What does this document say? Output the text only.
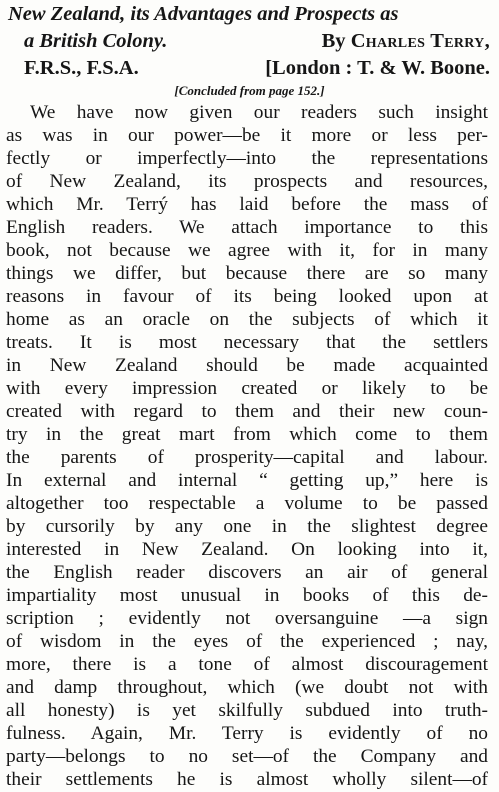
New Zealand, its Advantages and Prospects as
a British Colony.	By Charles Terry,
F.R.S., F.S.A.	[London : T. & W. Boone.
[Concluded from page 152.]
We have now given our readers such insight
as was in our power—be it more or less per-
fectly or imperfectly—into the representations
of New Zealand, its prospects and resources,
which Mr. Terrý has laid before the mass of
English readers. We attach importance to this
book, not because we agree with it, for in many
things we differ, but because there are so many
reasons in favour of its being looked upon at
home as an oracle on the subjects of which it
treats. It is most necessary that the settlers
in New Zealand should be made acquainted
with every impression created or likely to be
created with regard to them and their new coun-
try in the great mart from which come to them
the parents of prosperity—capital and labour.
In external and internal “ getting up,” here is
altogether too respectable a volume to be passed
by cursorily by any one in the slightest degree
interested in New Zealand. On looking into it,
the English reader discovers an air of general
impartiality most unusual in books of this de-
scription ; evidently not oversanguine —a sign
of wisdom in the eyes of the experienced ; nay,
more, there is a tone of almost discouragement
and damp throughout, which (we doubt not with
all honesty) is yet skilfully subdued into truth-
fulness. Again, Mr. Terry is evidently of no
party—belongs to no set—of the Company and
their settlements he is almost wholly silent—of
